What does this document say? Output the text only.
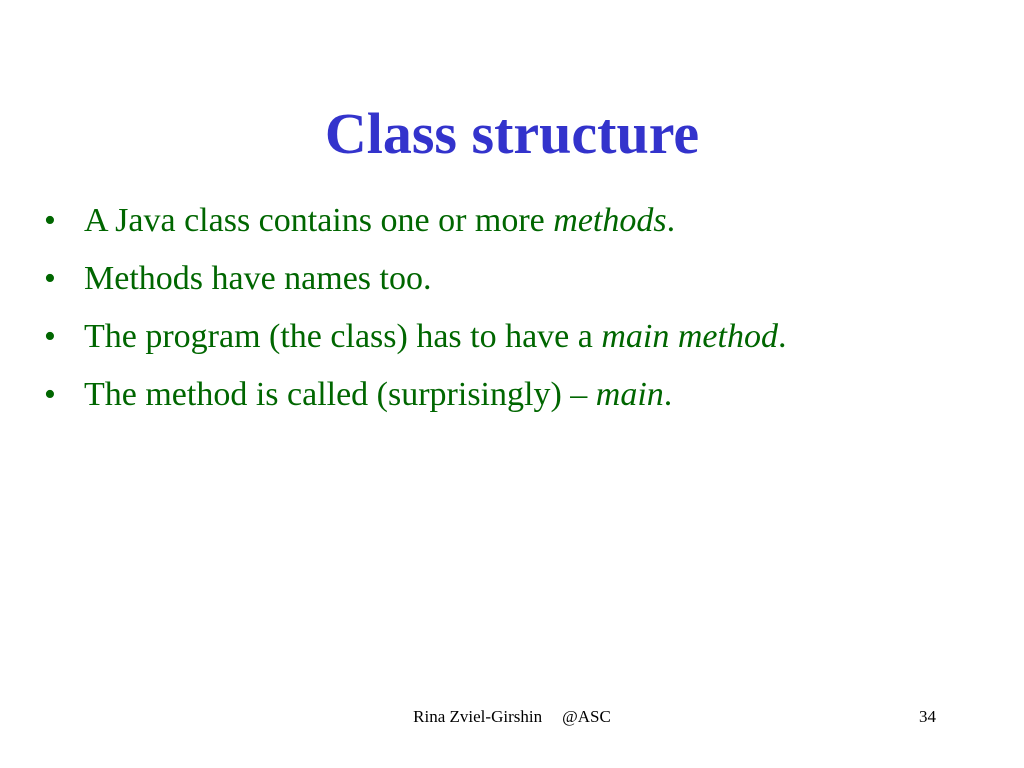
Class structure
• A Java class contains one or more methods.
• Methods have names too.
• The program (the class) has to have a main method.
• The method is called (surprisingly) – main.
Rina Zviel-Girshin @ASC	34
